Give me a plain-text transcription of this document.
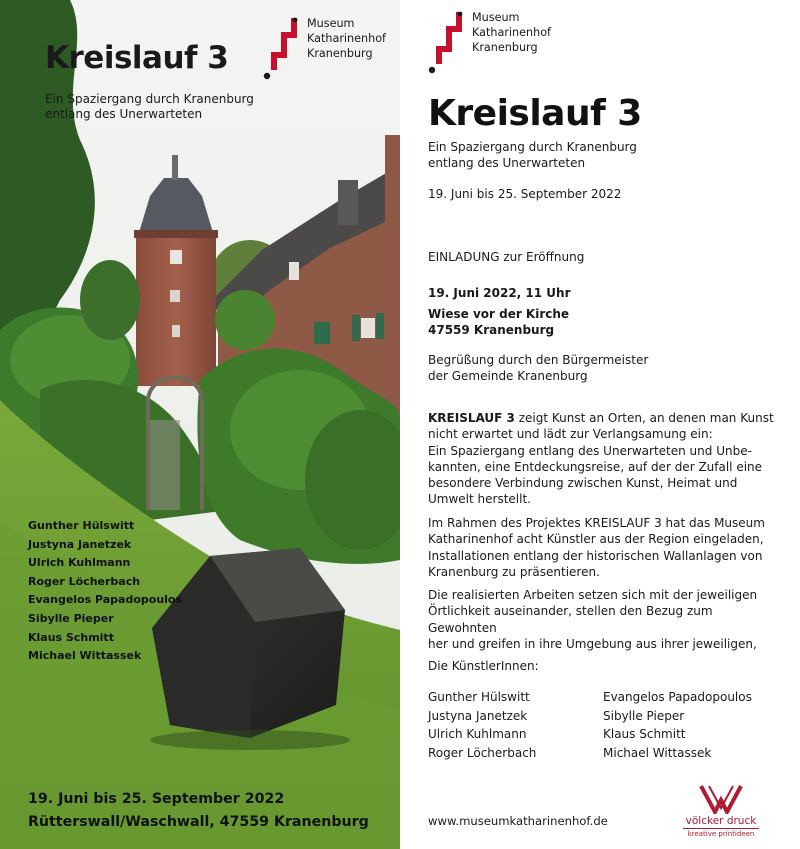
Kreislauf 3
Ein Spaziergang durch Kranenburg
entlang des Unerwarteten
Museum
Katharinenhof
Kranenburg
Gunther Hülswitt
Justyna Janetzek
Ulrich Kuhlmann
Roger Löcherbach
Evangelos Papadopoulos
Sibylle Pieper
Klaus Schmitt
Michael Wittassek
19. Juni bis 25. September 2022
Rütterswall/Waschwall, 47559 Kranenburg
Museum
Katharinenhof
Kranenburg
Kreislauf 3
Ein Spaziergang durch Kranenburg
entlang des Unerwarteten
19. Juni bis 25. September 2022
EINLADUNG zur Eröffnung
19. Juni 2022, 11 Uhr
Wiese vor der Kirche
47559 Kranenburg
Begrüßung durch den Bürgermeister
der Gemeinde Kranenburg
KREISLAUF 3 zeigt Kunst an Orten, an denen man Kunst
nicht erwartet und lädt zur Verlangsamung ein:
Ein Spaziergang entlang des Unerwarteten und Unbe-
kannten, eine Entdeckungsreise, auf der der Zufall eine
besondere Verbindung zwischen Kunst, Heimat und
Umwelt herstellt.
Im Rahmen des Projektes KREISLAUF 3 hat das Museum
Katharinenhof acht Künstler aus der Region eingeladen,
Installationen entlang der historischen Wallanlagen von
Kranenburg zu präsentieren.
Die realisierten Arbeiten setzen sich mit der jeweiligen
Örtlichkeit auseinander, stellen den Bezug zum Gewohnten
her und greifen in ihre Umgebung aus ihrer jeweiligen,
Die KünstlerInnen:
Gunther Hülswitt	Evangelos Papadopoulos
Justyna Janetzek	Sibylle Pieper
Ulrich Kuhlmann	Klaus Schmitt
Roger Löcherbach	Michael Wittassek
www.museumkatharinenhof.de	völcker druck
kreative printideen
